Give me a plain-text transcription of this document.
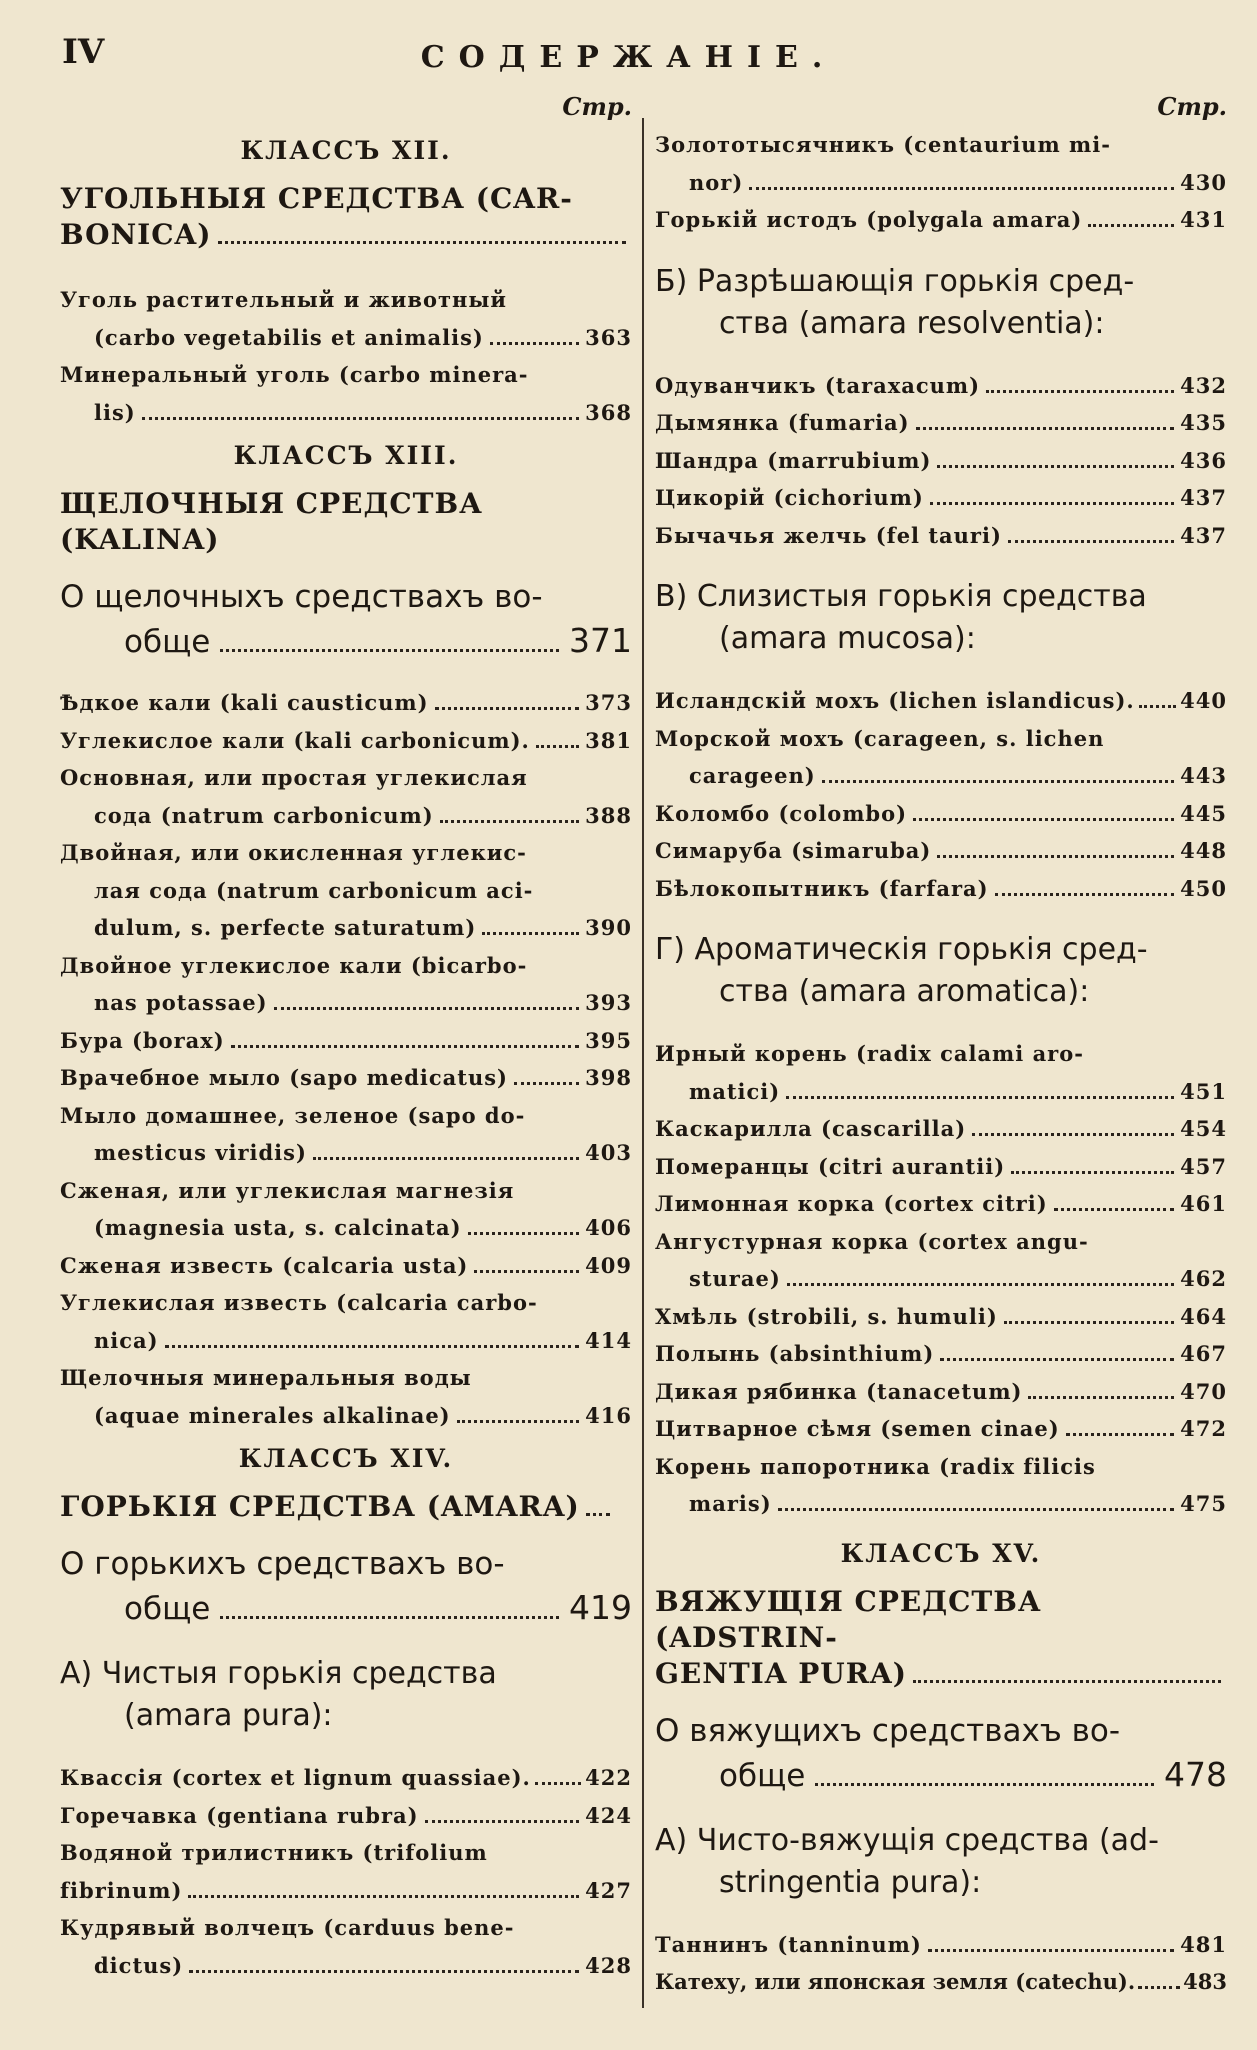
IV	СОДЕРЖАНІЕ.
Стр.
КЛАССЪ XII.
УГОЛЬНЫЯ СРЕДСТВА (CAR-
BONICA)
Уголь растительный и животный
(carbo vegetabilis et animalis)	363
Минеральный уголь (carbo minera-
lis)	368
КЛАССЪ XIII.
ЩЕЛОЧНЫЯ СРЕДСТВА (KALINA)
О щелочныхъ средствахъ во-
обще	371
Ѣдкое кали (kali causticum)	373
Углекислое кали (kali carbonicum).	381
Основная, или простая углекислая
сода (natrum carbonicum)	388
Двойная, или окисленная углекис-
лая сода (natrum carbonicum aci-
dulum, s. perfecte saturatum)	390
Двойное углекислое кали (bicarbo-
nas potassae)	393
Бура (borax)	395
Врачебное мыло (sapo medicatus)	398
Мыло домашнее, зеленое (sapo do-
mesticus viridis)	403
Сженая, или углекислая магнезія
(magnesia usta, s. calcinata)	406
Сженая известь (calcaria usta)	409
Углекислая известь (calcaria carbo-
nica)	414
Щелочныя минеральныя воды
(aquae minerales alkalinae)	416
КЛАССЪ XIV.
ГОРЬКІЯ СРЕДСТВА (AMARA)
О горькихъ средствахъ во-
обще	419
А) Чистыя горькія средства
(amara pura):
Квассія (cortex et lignum quassiae).	422
Горечавка (gentiana rubra)	424
Водяной трилистникъ (trifolium
fibrinum)	427
Кудрявый волчецъ (carduus bene-
dictus)	428
Стр.
Золототысячникъ (centaurium mi-
nor)	430
Горькій истодъ (polygala amara)	431
Б) Разрѣшающія горькія сред-
ства (amara resolventia):
Одуванчикъ (taraxacum)	432
Дымянка (fumaria)	435
Шандра (marrubium)	436
Цикорій (cichorium)	437
Бычачья желчь (fel tauri)	437
В) Слизистыя горькія средства
(amara mucosa):
Исландскій мохъ (lichen islandicus). 440
Морской мохъ (carageen, s. lichen
carageen)	443
Коломбо (colombo)	445
Симаруба (simaruba)	448
Бѣлокопытникъ (farfara)	450
Г) Ароматическія горькія сред-
ства (amara aromatica):
Ирный корень (radix calami aro-
matici)	451
Каскарилла (cascarilla)	454
Померанцы (citri aurantii)	457
Лимонная корка (cortex citri)	461
Ангустурная корка (cortex angu-
sturae)	462
Хмѣль (strobili, s. humuli)	464
Полынь (absinthium)	467
Дикая рябинка (tanacetum)	470
Цитварное сѣмя (semen cinae)	472
Корень папоротника (radix filicis
maris)	475
КЛАССЪ XV.
ВЯЖУЩІЯ СРЕДСТВА (ADSTRIN-
GENTIA PURA)
О вяжущихъ средствахъ во-
обще	478
А) Чисто-вяжущія средства (ad-
stringentia pura):
Таннинъ (tanninum)	481
Катеху, или японская земля (catechu). 483
